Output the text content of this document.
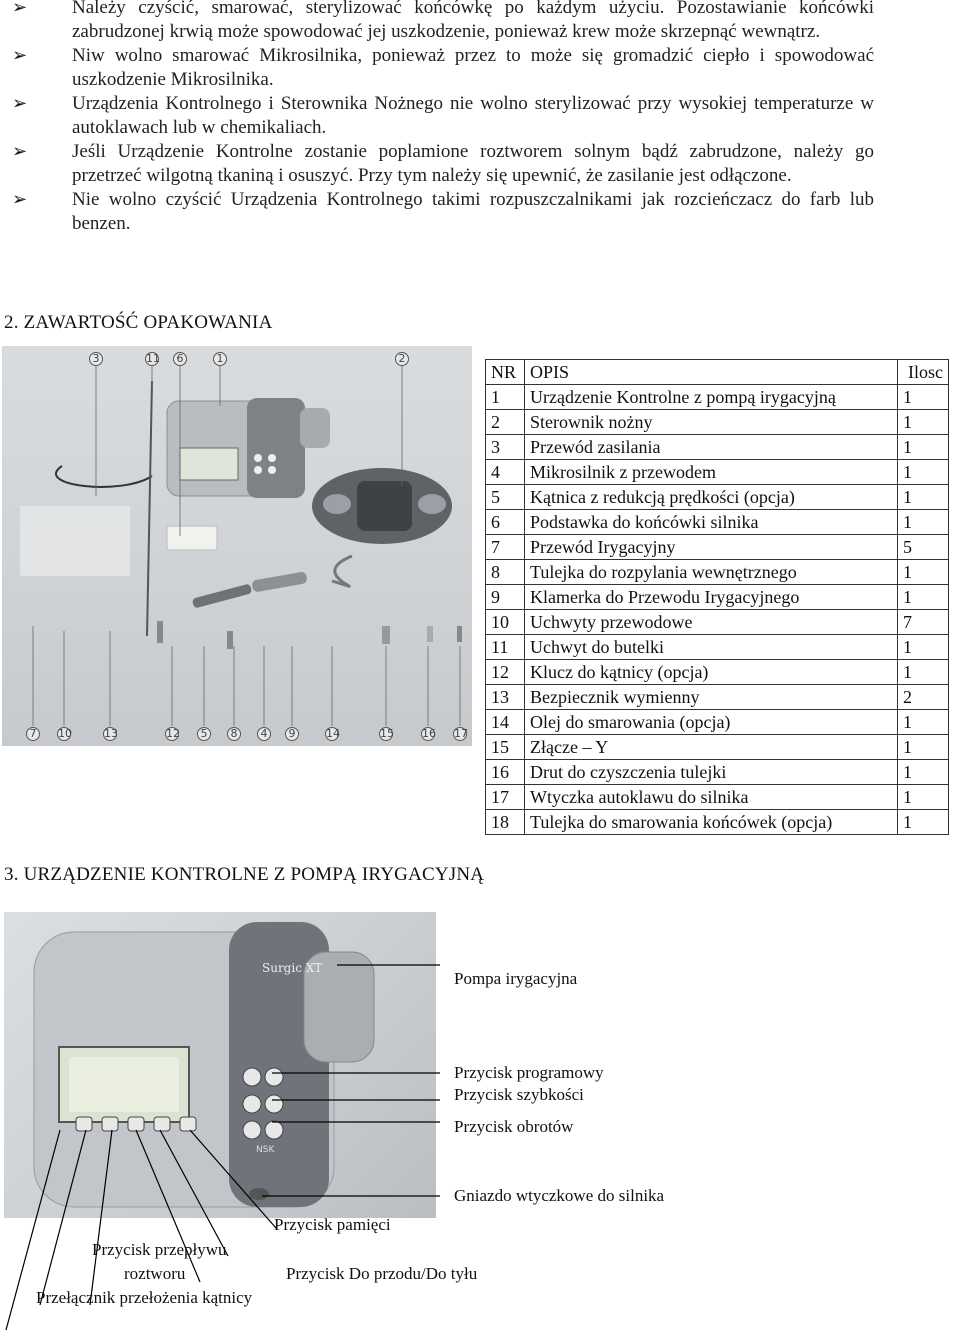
➢ Należy czyścić, smarować, sterylizować końcówkę po każdym użyciu. Pozostawianie końcówki zabrudzonej krwią może spowodować jej uszkodzenie, ponieważ krew może skrzepnąć wewnątrz.
➢ Niw wolno smarować Mikrosilnika, ponieważ przez to może się gromadzić ciepło i spowodować uszkodzenie Mikrosilnika.
➢ Urządzenia Kontrolnego i Sterownika Nożnego nie wolno sterylizować przy wysokiej temperaturze w autoklawach lub w chemikaliach.
➢ Jeśli Urządzenie Kontrolne zostanie poplamione roztworem solnym bądź zabrudzone, należy go przetrzeć wilgotną tkaniną i osuszyć. Przy tym należy się upewnić, że zasilanie jest odłączone.
➢ Nie wolno czyścić Urządzenia Kontrolnego takimi rozpuszczalnikami jak rozcieńczacz do farb lub benzen.
2. ZAWARTOŚĆ OPAKOWANIA
3	11	6	1	2
7	10	13	12	5	8	4	9	14	15	16 17
NR	OPIS	Ilosc
1	Urządzenie Kontrolne z pompą irygacyjną	1
2	Sterownik nożny	1
3	Przewód zasilania	1
4	Mikrosilnik z przewodem	1
5	Kątnica z redukcją prędkości (opcja)	1
6	Podstawka do końcówki silnika	1
7	Przewód Irygacyjny	5
8	Tulejka do rozpylania wewnętrznego	1
9	Klamerka do Przewodu Irygacyjnego	1
10	Uchwyty przewodowe	7
11	Uchwyt do butelki	1
12	Klucz do kątnicy (opcja)	1
13	Bezpiecznik wymienny	2
14	Olej do smarowania (opcja)	1
15	Złącze – Y	1
16	Drut do czyszczenia tulejki	1
17	Wtyczka autoklawu do silnika	1
18	Tulejka do smarowania końcówek (opcja)	1
3. URZĄDZENIE KONTROLNE Z POMPĄ IRYGACYJNĄ
Surgic XT
NSK
Pompa irygacyjna
Przycisk programowy
Przycisk szybkości
Przycisk obrotów
Gniazdo wtyczkowe do silnika
Przycisk pamięci
Przycisk przepływu
roztworu	Przycisk Do przodu/Do tyłu
Przełącznik przełożenia kątnicy
